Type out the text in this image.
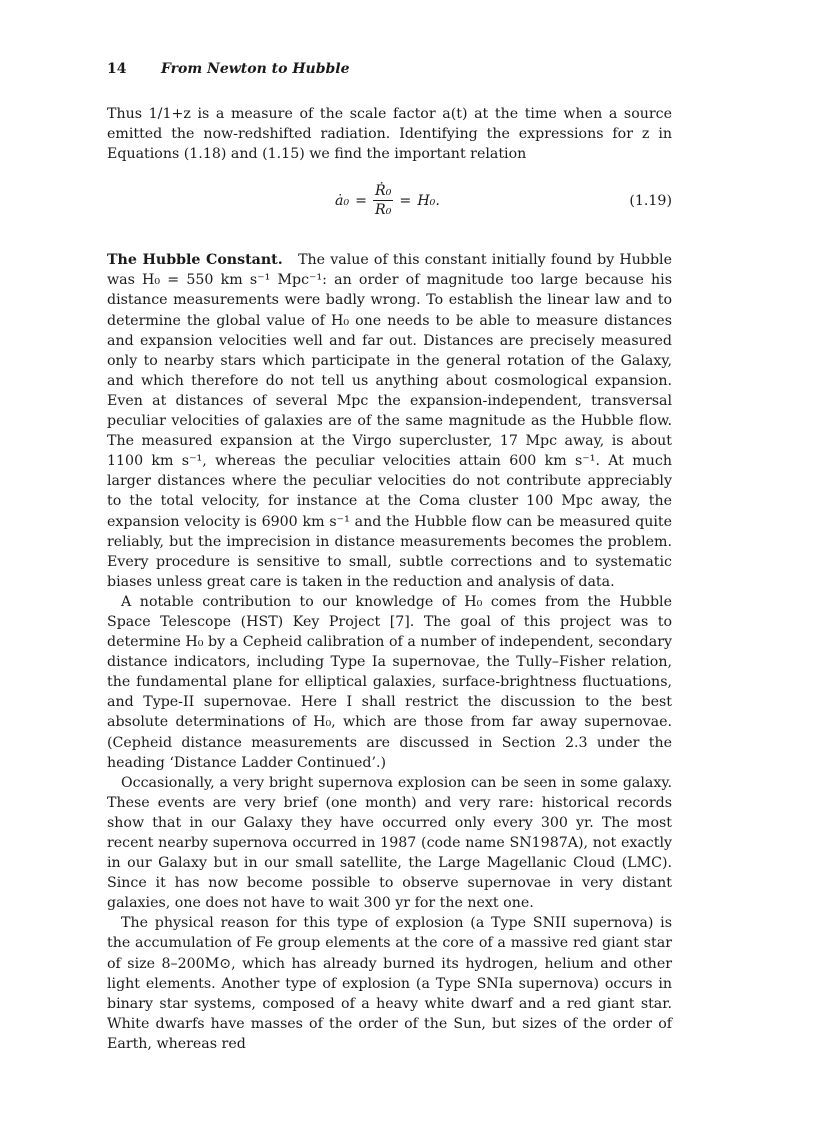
14 From Newton to Hubble

Thus 1/1+z is a measure of the scale factor a(t) at the time when a source emitted the now-redshifted radiation. Identifying the expressions for z in Equations (1.18) and (1.15) we find the important relation

ȧ₀ = $\frac{\text{Ṙ₀}}{\text{R₀}} = H_0$.	(1.19)

The Hubble Constant. The value of this constant initially found by Hubble was H₀ = 550 km s⁻¹ Mpc⁻¹: an order of magnitude too large because his distance measurements were badly wrong. To establish the linear law and to determine the global value of H₀ one needs to be able to measure distances and expansion velocities well and far out. Distances are precisely measured only to nearby stars which participate in the general rotation of the Galaxy, and which therefore do not tell us anything about cosmological expansion. Even at distances of several Mpc the expansion-independent, transversal peculiar velocities of galaxies are of the same magnitude as the Hubble flow. The measured expansion at the Virgo supercluster, 17 Mpc away, is about 1100 km s⁻¹, whereas the peculiar velocities attain 600 km s⁻¹. At much larger distances where the peculiar velocities do not contribute appreciably to the total velocity, for instance at the Coma cluster 100 Mpc away, the expansion velocity is 6900 km s⁻¹ and the Hubble flow can be measured quite reliably, but the imprecision in distance measurements becomes the problem. Every procedure is sensitive to small, subtle corrections and to systematic biases unless great care is taken in the reduction and analysis of data.

A notable contribution to our knowledge of H₀ comes from the Hubble Space Telescope (HST) Key Project [7]. The goal of this project was to determine H₀ by a Cepheid calibration of a number of independent, secondary distance indicators, including Type Ia supernovae, the Tully–Fisher relation, the fundamental plane for elliptical galaxies, surface-brightness fluctuations, and Type-II supernovae. Here I shall restrict the discussion to the best absolute determinations of H₀, which are those from far away supernovae. (Cepheid distance measurements are discussed in Section 2.3 under the heading ‘Distance Ladder Continued’.)

Occasionally, a very bright supernova explosion can be seen in some galaxy. These events are very brief (one month) and very rare: historical records show that in our Galaxy they have occurred only every 300 yr. The most recent nearby supernova occurred in 1987 (code name SN1987A), not exactly in our Galaxy but in our small satellite, the Large Magellanic Cloud (LMC). Since it has now become possible to observe supernovae in very distant galaxies, one does not have to wait 300 yr for the next one.

The physical reason for this type of explosion (a Type SNII supernova) is the accumulation of Fe group elements at the core of a massive red giant star of size 8–200M⊙, which has already burned its hydrogen, helium and other light elements. Another type of explosion (a Type SNIa supernova) occurs in binary star systems, composed of a heavy white dwarf and a red giant star. White dwarfs have masses of the order of the Sun, but sizes of the order of Earth, whereas red
